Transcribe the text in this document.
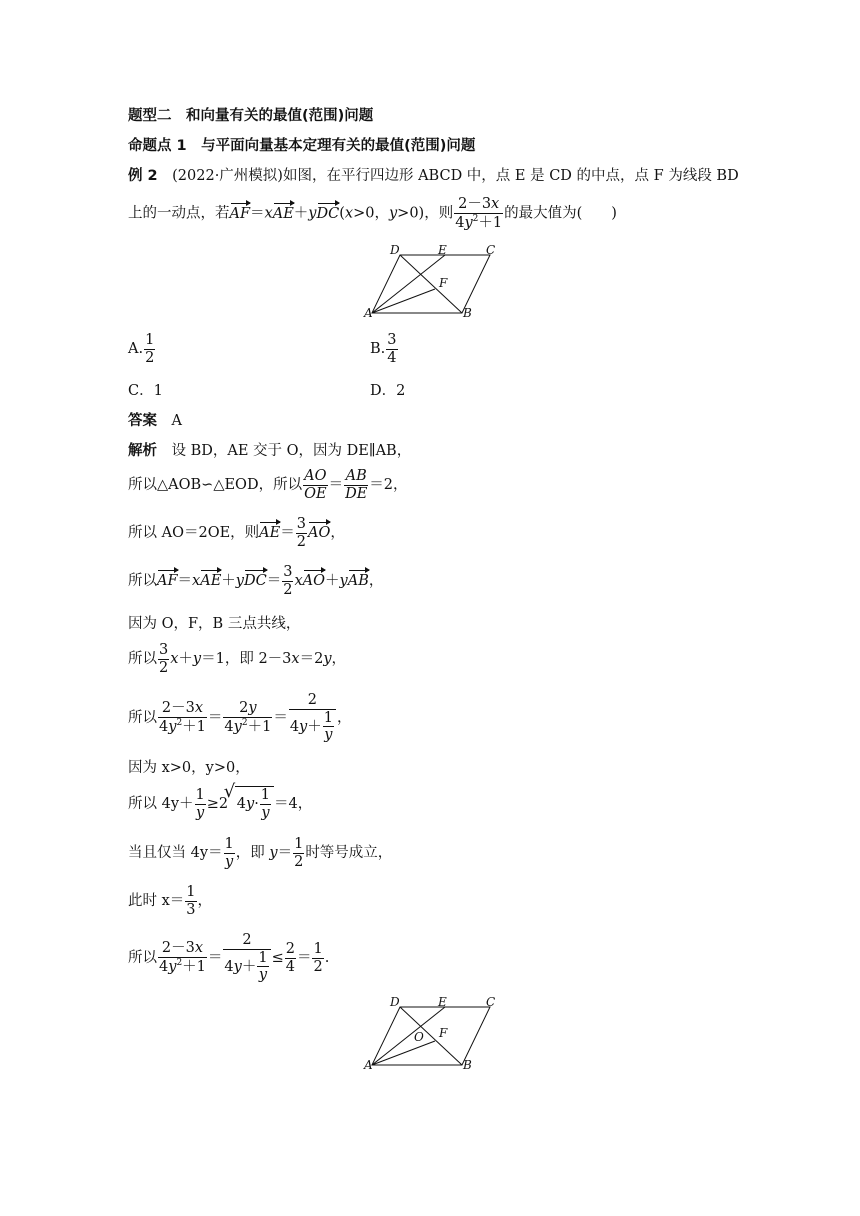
题型二　和向量有关的最值(范围)问题
命题点 1　与平面向量基本定理有关的最值(范围)问题
例 2　 (2022·广州模拟)如图，在平行四边形 ABCD 中，点 E 是 CD 的中点，点 F 为线段 BD
上的一动点，若AF＝xAE＋yDC(x>0，y>0)，则 $\frac{2-3x}{4y^2+1}$ 的最大值为(　　)
D	E	C
F
A	B
A. $\frac{1}{2}$	B. $\frac{3}{4}$
C．1	D．2
答案　 A
解析　 设 BD，AE 交于 O，因为 DE∥AB，
所以△AOB∽△EOD，所以 $\frac{AO}{OE} = \frac{AB}{DE} =2$，
所以 AO＝2OE，则$AE= \frac{3}{2}$ AO，
所以$AF=xAE+yDC= \frac{3}{2} xAO+yAB$，
因为 O，F，B 三点共线，
所以 $\frac{3}{2} x+y=1$，即 2－3x＝2y，
所以 $\frac{2-3x}{4y^2+1} = \frac{2y}{4y^2+1} = \frac{2}{4y+ \frac{1}{y}}$ ，
因为 x>0，y>0，
所以 $4y+ \frac{1}{y} \ge 2$ √ $4y\cdot \frac{1}{y} =4$，
当且仅当 $4y= \frac{1}{y}$ ，即 $y= \frac{1}{2}$ 时等号成立，
此时 $x= \frac{1}{3}$ ，
所以 $\frac{2-3x}{4y^2+1} = \frac{2}{4y+ \frac{1}{y}} \le \frac{2}{4} = \frac{1}{2}$ .
D	E	C
O F
A	B
